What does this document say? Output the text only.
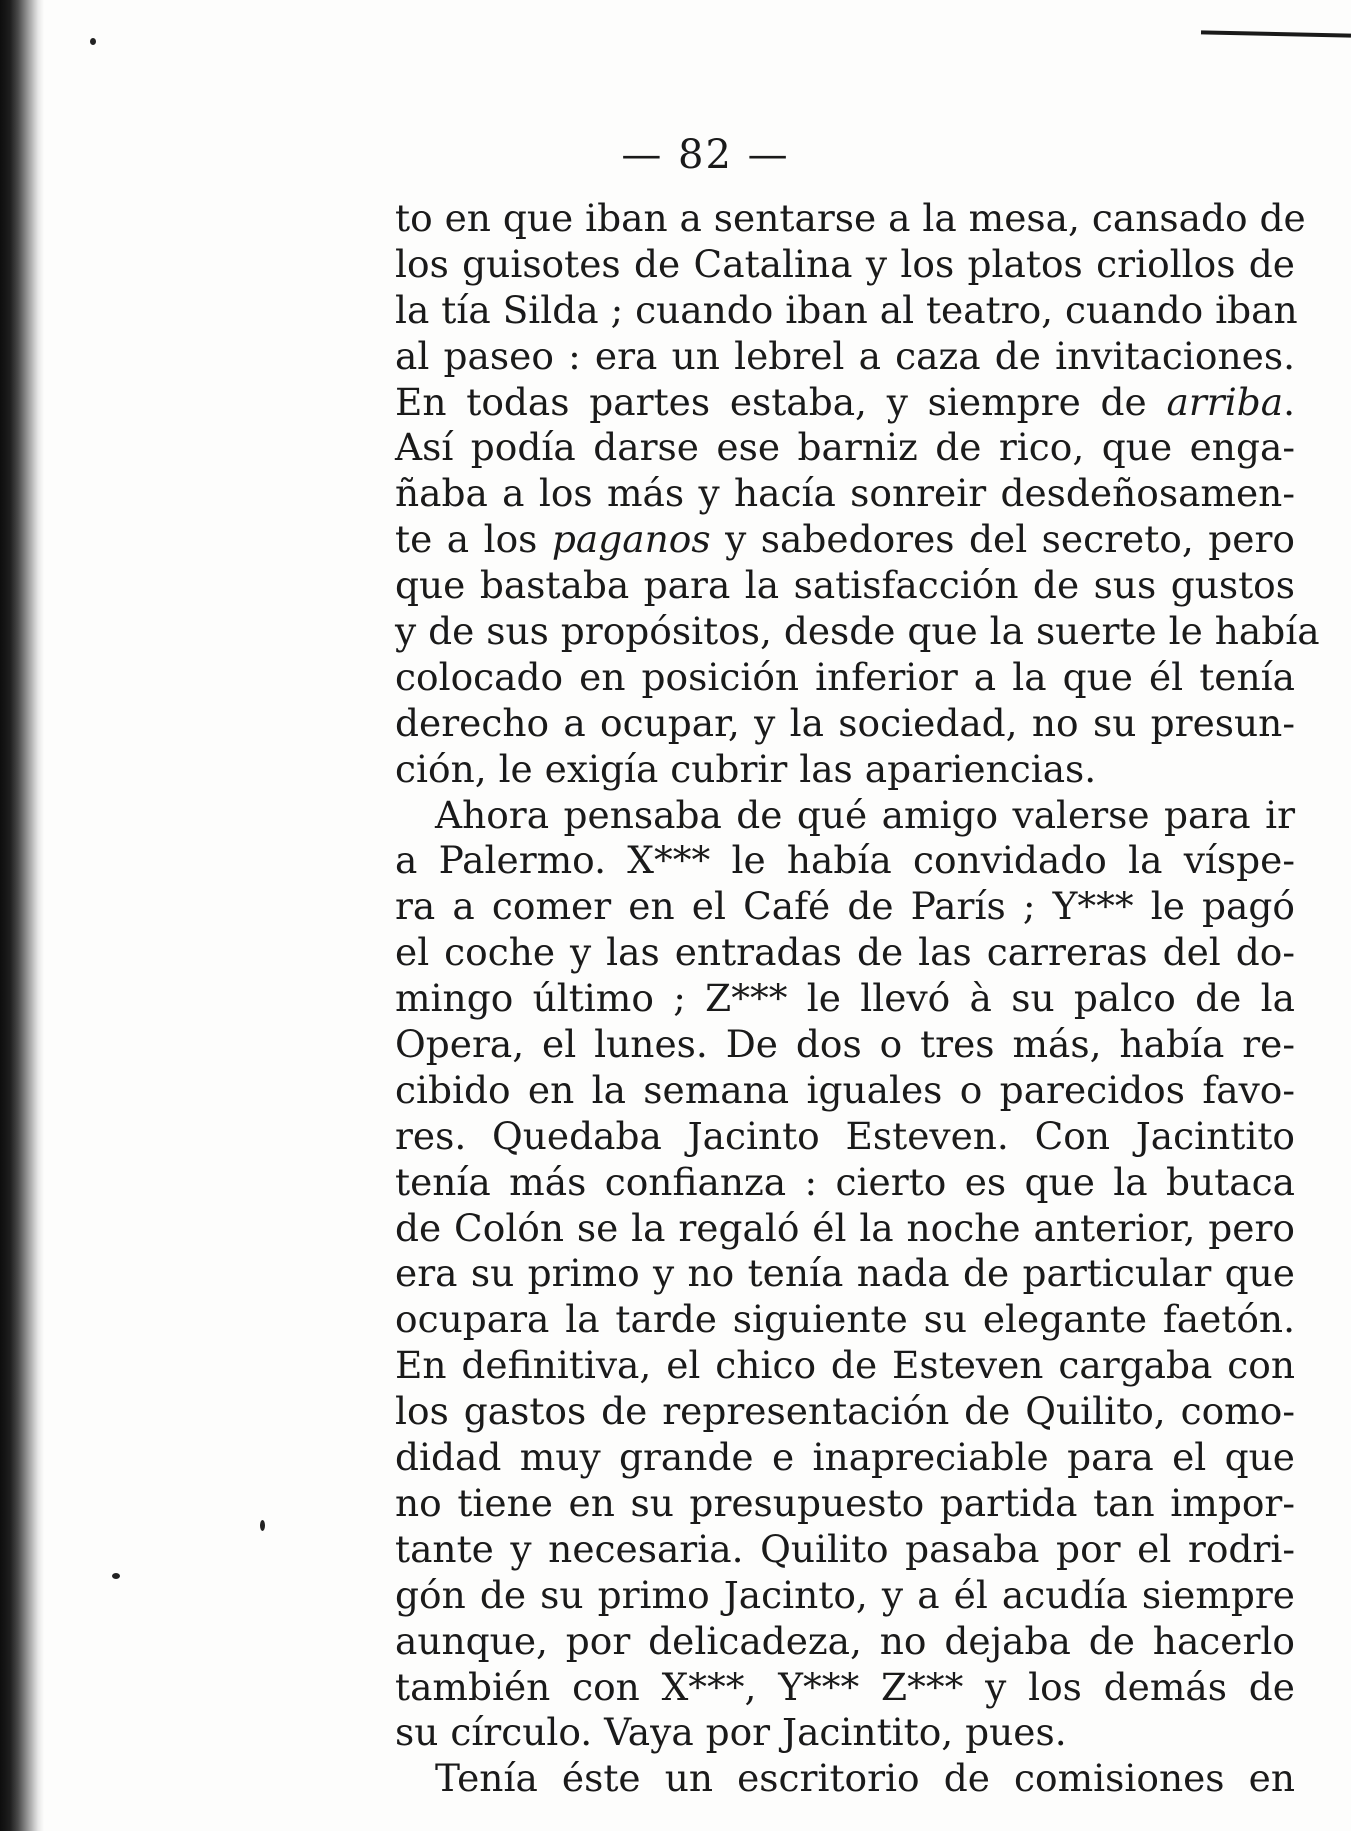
— 82 —
to en que iban a sentarse a la mesa, cansado de
los guisotes de Catalina y los platos criollos de
la tía Silda ; cuando iban al teatro, cuando iban
al paseo : era un lebrel a caza de invitaciones.
En todas partes estaba, y siempre de arriba.
Así podía darse ese barniz de rico, que enga-
ñaba a los más y hacía sonreir desdeñosamen-
te a los paganos y sabedores del secreto, pero
que bastaba para la satisfacción de sus gustos
y de sus propósitos, desde que la suerte le había
colocado en posición inferior a la que él tenía
derecho a ocupar, y la sociedad, no su presun-
ción, le exigía cubrir las apariencias.
Ahora pensaba de qué amigo valerse para ir
a Palermo. X*** le había convidado la víspe-
ra a comer en el Café de París ; Y*** le pagó
el coche y las entradas de las carreras del do-
mingo último ; Z*** le llevó à su palco de la
Opera, el lunes. De dos o tres más, había re-
cibido en la semana iguales o parecidos favo-
res. Quedaba Jacinto Esteven. Con Jacintito
tenía más confianza : cierto es que la butaca
de Colón se la regaló él la noche anterior, pero
era su primo y no tenía nada de particular que
ocupara la tarde siguiente su elegante faetón.
En definitiva, el chico de Esteven cargaba con
los gastos de representación de Quilito, como-
didad muy grande e inapreciable para el que
no tiene en su presupuesto partida tan impor-
tante y necesaria. Quilito pasaba por el rodri-
gón de su primo Jacinto, y a él acudía siempre
aunque, por delicadeza, no dejaba de hacerlo
también con X***, Y*** Z*** y los demás de
su círculo. Vaya por Jacintito, pues.
Tenía éste un escritorio de comisiones en
